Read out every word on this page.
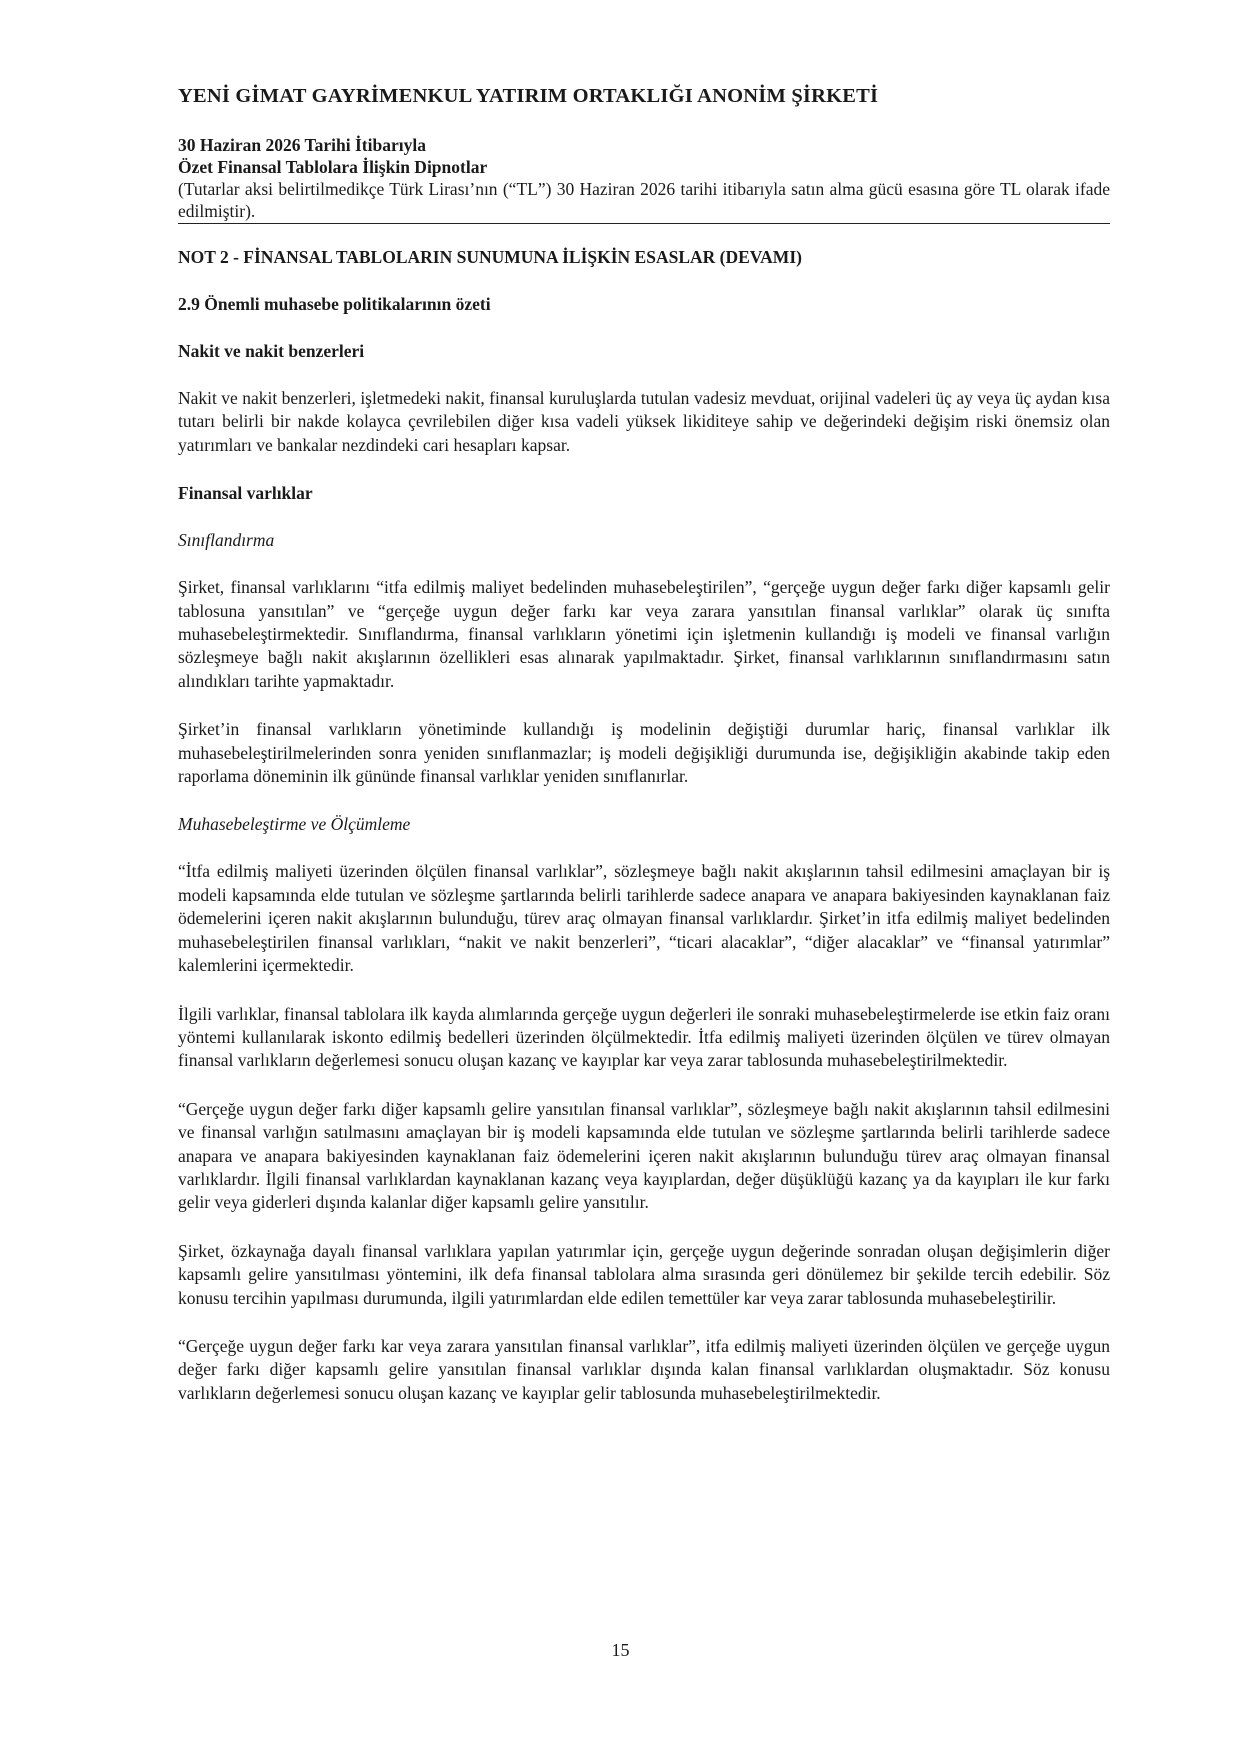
YENİ GİMAT GAYRİMENKUL YATIRIM ORTAKLIĞI ANONİM ŞİRKETİ
30 Haziran 2026 Tarihi İtibarıyla
Özet Finansal Tablolara İlişkin Dipnotlar
(Tutarlar aksi belirtilmedikçe Türk Lirası’nın (“TL”) 30 Haziran 2026 tarihi itibarıyla satın alma gücü esasına göre TL olarak ifade edilmiştir).
NOT 2 - FİNANSAL TABLOLARIN SUNUMUNA İLİŞKİN ESASLAR (DEVAMI)
2.9 Önemli muhasebe politikalarının özeti
Nakit ve nakit benzerleri

Nakit ve nakit benzerleri, işletmedeki nakit, finansal kuruluşlarda tutulan vadesiz mevduat, orijinal vadeleri üç ay veya üç aydan kısa tutarı belirli bir nakde kolayca çevrilebilen diğer kısa vadeli yüksek likiditeye sahip ve değerindeki değişim riski önemsiz olan yatırımları ve bankalar nezdindeki cari hesapları kapsar.

Finansal varlıklar
Sınıflandırma

Şirket, finansal varlıklarını “itfa edilmiş maliyet bedelinden muhasebeleştirilen”, “gerçeğe uygun değer farkı diğer kapsamlı gelir tablosuna yansıtılan” ve “gerçeğe uygun değer farkı kar veya zarara yansıtılan finansal varlıklar” olarak üç sınıfta muhasebeleştirmektedir. Sınıflandırma, finansal varlıkların yönetimi için işletmenin kullandığı iş modeli ve finansal varlığın sözleşmeye bağlı nakit akışlarının özellikleri esas alınarak yapılmaktadır. Şirket, finansal varlıklarının sınıflandırmasını satın alındıkları tarihte yapmaktadır.

Şirket’in finansal varlıkların yönetiminde kullandığı iş modelinin değiştiği durumlar hariç, finansal varlıklar ilk muhasebeleştirilmelerinden sonra yeniden sınıflanmazlar; iş modeli değişikliği durumunda ise, değişikliğin akabinde takip eden raporlama döneminin ilk gününde finansal varlıklar yeniden sınıflanırlar.

Muhasebeleştirme ve Ölçümleme

“İtfa edilmiş maliyeti üzerinden ölçülen finansal varlıklar”, sözleşmeye bağlı nakit akışlarının tahsil edilmesini amaçlayan bir iş modeli kapsamında elde tutulan ve sözleşme şartlarında belirli tarihlerde sadece anapara ve anapara bakiyesinden kaynaklanan faiz ödemelerini içeren nakit akışlarının bulunduğu, türev araç olmayan finansal varlıklardır. Şirket’in itfa edilmiş maliyet bedelinden muhasebeleştirilen finansal varlıkları, “nakit ve nakit benzerleri”, “ticari alacaklar”, “diğer alacaklar” ve “finansal yatırımlar” kalemlerini içermektedir.

İlgili varlıklar, finansal tablolara ilk kayda alımlarında gerçeğe uygun değerleri ile sonraki muhasebeleştirmelerde ise etkin faiz oranı yöntemi kullanılarak iskonto edilmiş bedelleri üzerinden ölçülmektedir. İtfa edilmiş maliyeti üzerinden ölçülen ve türev olmayan finansal varlıkların değerlemesi sonucu oluşan kazanç ve kayıplar kar veya zarar tablosunda muhasebeleştirilmektedir.

“Gerçeğe uygun değer farkı diğer kapsamlı gelire yansıtılan finansal varlıklar”, sözleşmeye bağlı nakit akışlarının tahsil edilmesini ve finansal varlığın satılmasını amaçlayan bir iş modeli kapsamında elde tutulan ve sözleşme şartlarında belirli tarihlerde sadece anapara ve anapara bakiyesinden kaynaklanan faiz ödemelerini içeren nakit akışlarının bulunduğu türev araç olmayan finansal varlıklardır. İlgili finansal varlıklardan kaynaklanan kazanç veya kayıplardan, değer düşüklüğü kazanç ya da kayıpları ile kur farkı gelir veya giderleri dışında kalanlar diğer kapsamlı gelire yansıtılır.

Şirket, özkaynağa dayalı finansal varlıklara yapılan yatırımlar için, gerçeğe uygun değerinde sonradan oluşan değişimlerin diğer kapsamlı gelire yansıtılması yöntemini, ilk defa finansal tablolara alma sırasında geri dönülemez bir şekilde tercih edebilir. Söz konusu tercihin yapılması durumunda, ilgili yatırımlardan elde edilen temettüler kar veya zarar tablosunda muhasebeleştirilir.

“Gerçeğe uygun değer farkı kar veya zarara yansıtılan finansal varlıklar”, itfa edilmiş maliyeti üzerinden ölçülen ve gerçeğe uygun değer farkı diğer kapsamlı gelire yansıtılan finansal varlıklar dışında kalan finansal varlıklardan oluşmaktadır. Söz konusu varlıkların değerlemesi sonucu oluşan kazanç ve kayıplar gelir tablosunda muhasebeleştirilmektedir.

15
